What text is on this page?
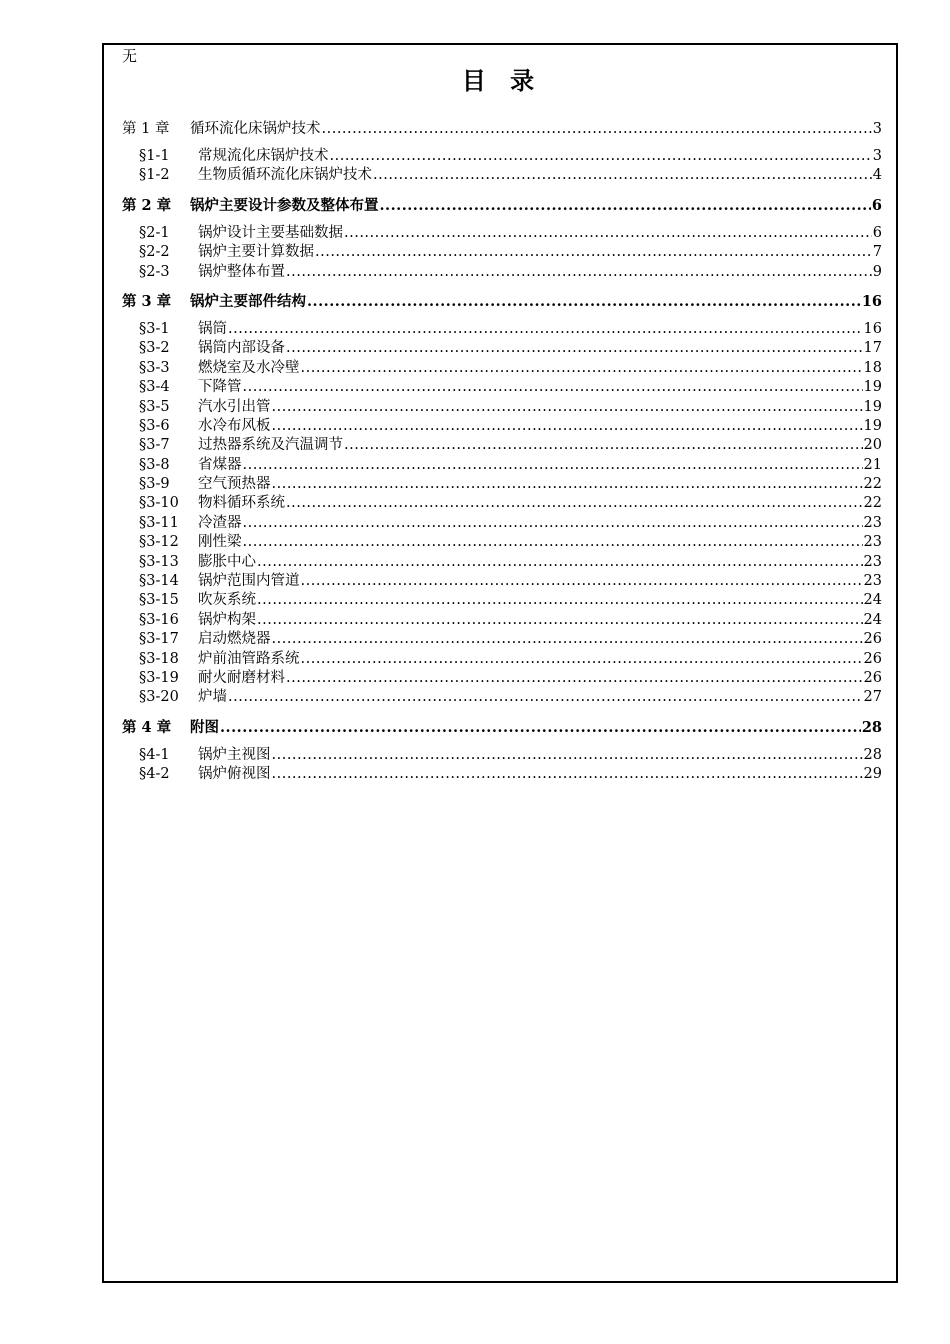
无
目 录
第 1 章	循环流化床锅炉技术 .....	3
§1-1	常规流化床锅炉技术 .....	3
§1-2	生物质循环流化床锅炉技术 .....	4
第 2 章	锅炉主要设计参数及整体布置 .....	6
§2-1	锅炉设计主要基础数据 .....	6
§2-2	锅炉主要计算数据 .....	7
§2-3	锅炉整体布置 .....	9
第 3 章	锅炉主要部件结构 .....	16
§3-1	锅筒 .....	16
§3-2	锅筒内部设备 .....	17
§3-3	燃烧室及水冷壁 .....	18
§3-4	下降管 .....	19
§3-5	汽水引出管 .....	19
§3-6	水冷布风板 .....	19
§3-7	过热器系统及汽温调节 .....	20
§3-8	省煤器 .....	21
§3-9	空气预热器 .....	22
§3-10	物料循环系统 .....	22
§3-11	冷渣器 .....	23
§3-12	刚性梁 .....	23
§3-13	膨胀中心 .....	23
§3-14	锅炉范围内管道 .....	23
§3-15	吹灰系统 .....	24
§3-16	锅炉构架 .....	24
§3-17	启动燃烧器 .....	26
§3-18	炉前油管路系统 .....	26
§3-19	耐火耐磨材料 .....	26
§3-20	炉墙 .....	27
第 4 章	附图 .....	28
§4-1	锅炉主视图 .....	28
§4-2	锅炉俯视图 .....	29
